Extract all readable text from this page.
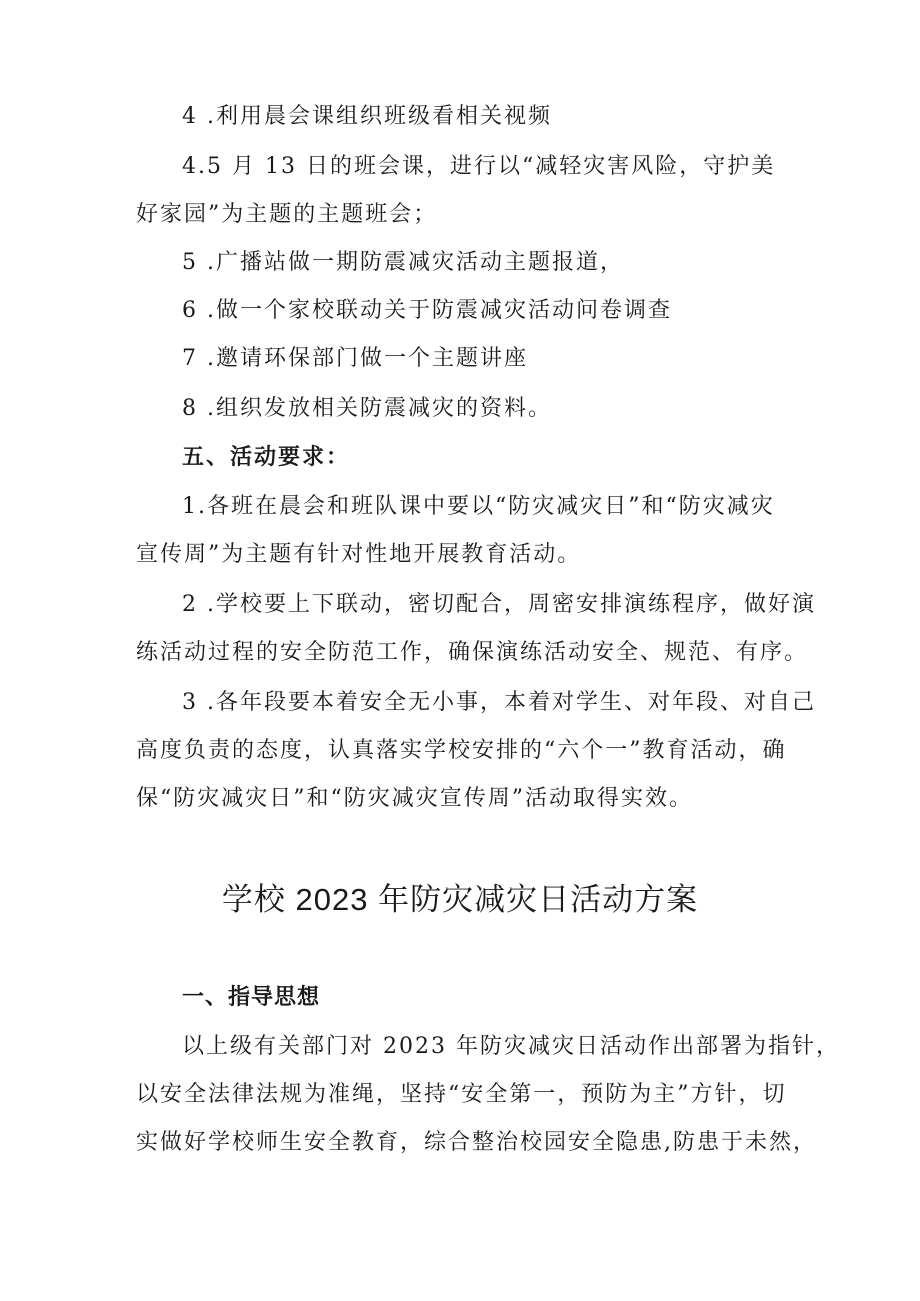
4 .利用晨会课组织班级看相关视频
4.5 月 13 日的班会课，进行以“减轻灾害风险，守护美
好家园”为主题的主题班会；
5 .广播站做一期防震减灾活动主题报道，
6 .做一个家校联动关于防震减灾活动问卷调查
7 .邀请环保部门做一个主题讲座
8 .组织发放相关防震减灾的资料。
五、活动要求：
1.各班在晨会和班队课中要以“防灾减灾日”和“防灾减灾
宣传周”为主题有针对性地开展教育活动。
2 .学校要上下联动，密切配合，周密安排演练程序，做好演
练活动过程的安全防范工作，确保演练活动安全、规范、有序。
3 .各年段要本着安全无小事，本着对学生、对年段、对自己
高度负责的态度，认真落实学校安排的“六个一”教育活动，确
保“防灾减灾日”和“防灾减灾宣传周”活动取得实效。
学校 2023 年防灾减灾日活动方案
一、指导思想
以上级有关部门对 2023 年防灾减灾日活动作出部署为指针，
以安全法律法规为准绳，坚持“安全第一，预防为主”方针，切
实做好学校师生安全教育，综合整治校园安全隐患,防患于未然，
